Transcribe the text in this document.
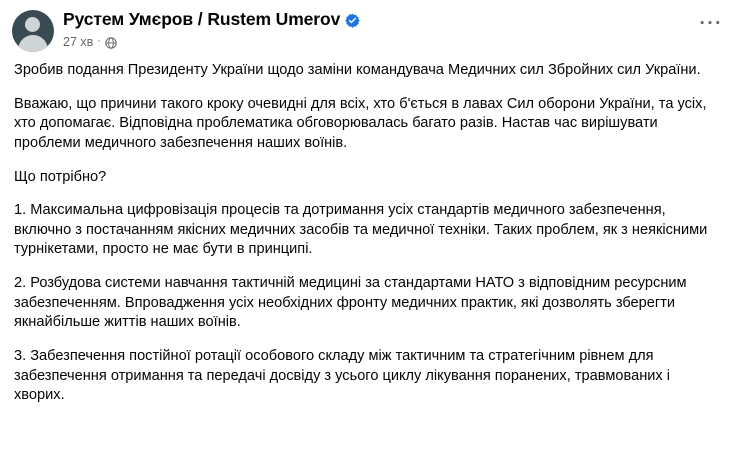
Рустем Умєров / Rustem Umerov
27 хв ·
···

Зробив подання Президенту України щодо заміни командувача Медичних сил Збройних сил України.

Вважаю, що причини такого кроку очевидні для всіх, хто б'ється в лавах Сил оборони України, та усіх, хто допомагає. Відповідна проблематика обговорювалась багато разів. Настав час вирішувати проблеми медичного забезпечення наших воїнів.

Що потрібно?

1. Максимальна цифровізація процесів та дотримання усіх стандартів медичного забезпечення, включно з постачанням якісних медичних засобів та медичної техніки. Таких проблем, як з неякісними турнікетами, просто не має бути в принципі.

2. Розбудова системи навчання тактичній медицині за стандартами НАТО з відповідним ресурсним забезпеченням. Впровадження усіх необхідних фронту медичних практик, які дозволять зберегти якнайбільше життів наших воїнів.

3. Забезпечення постійної ротації особового складу між тактичним та стратегічним рівнем для забезпечення отримання та передачі досвіду з усього циклу лікування поранених, травмованих і хворих.
